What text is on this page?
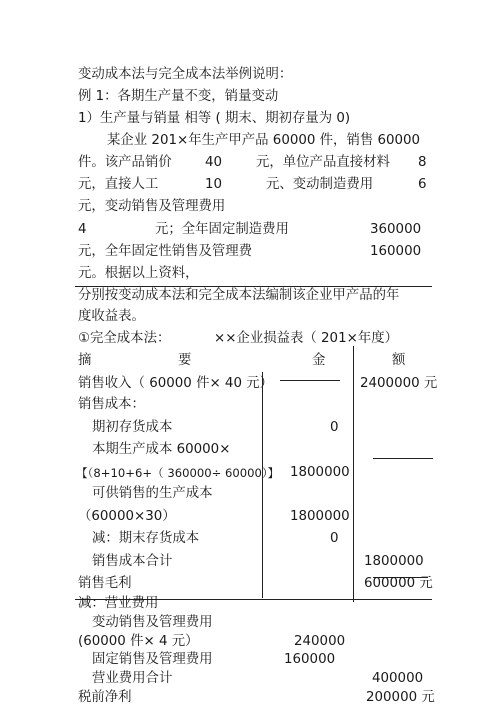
变动成本法与完全成本法举例说明：
例 1：各期生产量不变，销量变动
1）生产量与销量 相等 ( 期末、期初存量为 0)
某企业 201×年生产甲产品 60000 件，销售 60000
件。该产品销价 40	元，单位产品直接材料 8
元，直接人工	10	元、变动制造费用	6
元，变动销售及管理费用
4	元；全年固定制造费用	360000
元，全年固定性销售及管理费	160000
元。根据以上资料，
分别按变动成本法和完全成本法编制该企业甲产品的年
度收益表。
①完全成本法：	××企业损益表（ 201×年度）
摘	要	金	额
销售收入（ 60000 件× 40 元）	2400000 元
销售成本：
期初存货成本	0
本期生产成本 60000×
【（8+10+6+（ 360000÷ 60000）】 1800000
可供销售的生产成本
（60000×30）	1800000
减：期末存货成本	0
销售成本合计	1800000
销售毛利	600000 元
减：营业费用
变动销售及管理费用
(60000 件× 4 元）	240000
固定销售及管理费用	160000
营业费用合计	400000
税前净利	200000 元
